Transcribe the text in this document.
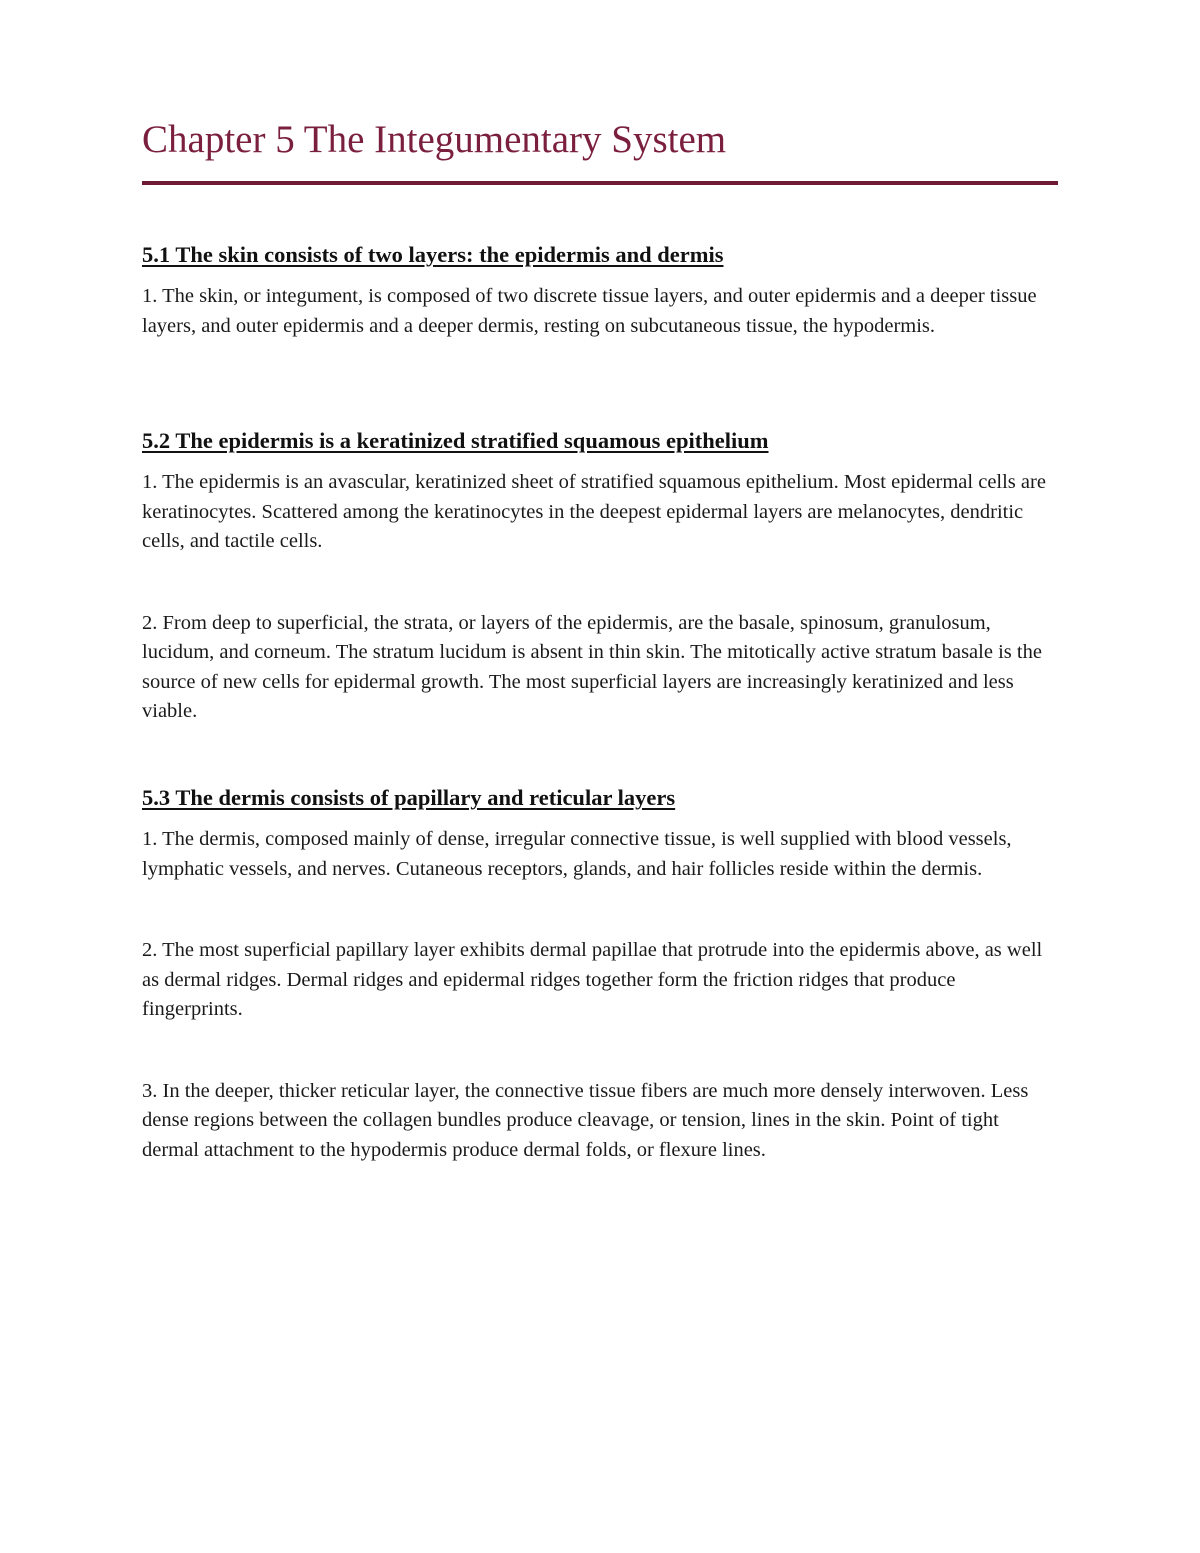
Chapter 5 The Integumentary System
5.1 The skin consists of two layers: the epidermis and dermis

1. The skin, or integument, is composed of two discrete tissue layers, and outer epidermis and a deeper tissue layers, and outer epidermis and a deeper dermis, resting on subcutaneous tissue, the hypodermis.

5.2 The epidermis is a keratinized stratified squamous epithelium

1. The epidermis is an avascular, keratinized sheet of stratified squamous epithelium. Most epidermal cells are keratinocytes. Scattered among the keratinocytes in the deepest epidermal layers are melanocytes, dendritic cells, and tactile cells.

2. From deep to superficial, the strata, or layers of the epidermis, are the basale, spinosum, granulosum, lucidum, and corneum. The stratum lucidum is absent in thin skin. The mitotically active stratum basale is the source of new cells for epidermal growth. The most superficial layers are increasingly keratinized and less viable.

5.3 The dermis consists of papillary and reticular layers

1. The dermis, composed mainly of dense, irregular connective tissue, is well supplied with blood vessels, lymphatic vessels, and nerves. Cutaneous receptors, glands, and hair follicles reside within the dermis.

2. The most superficial papillary layer exhibits dermal papillae that protrude into the epidermis above, as well as dermal ridges. Dermal ridges and epidermal ridges together form the friction ridges that produce fingerprints.

3. In the deeper, thicker reticular layer, the connective tissue fibers are much more densely interwoven. Less dense regions between the collagen bundles produce cleavage, or tension, lines in the skin. Point of tight dermal attachment to the hypodermis produce dermal folds, or flexure lines.
